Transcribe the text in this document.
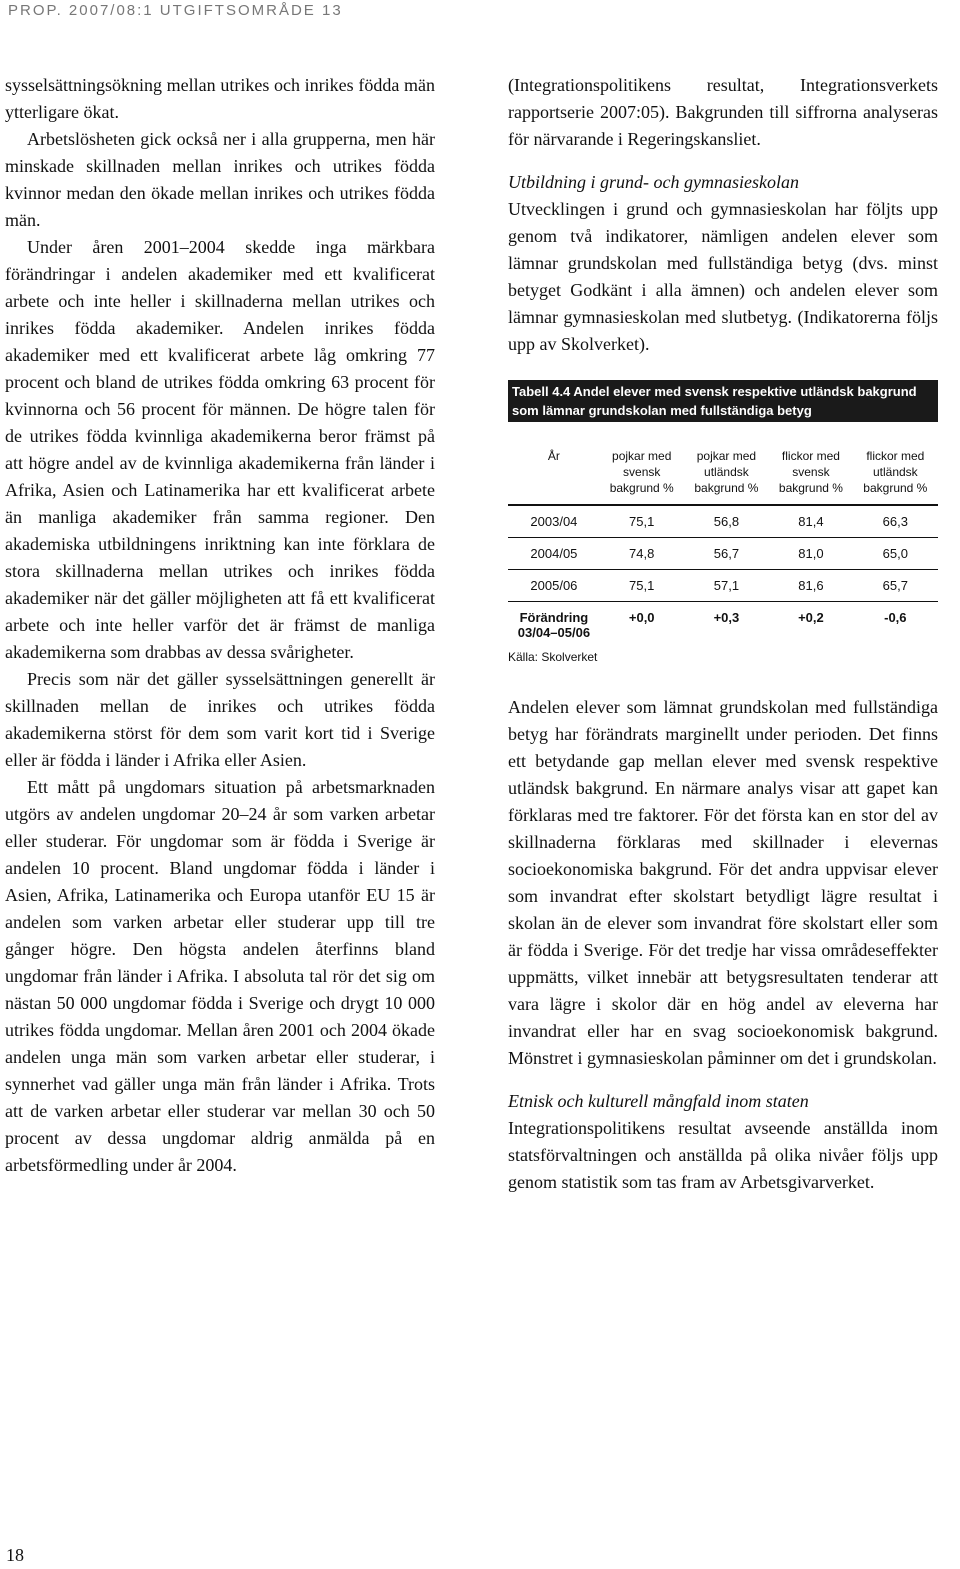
PROP. 2007/08:1 UTGIFTSOMRÅDE 13

sysselsättningsökning mellan utrikes och inrikes födda män ytterligare ökat.

Arbetslösheten gick också ner i alla grupperna, men här minskade skillnaden mellan inrikes och utrikes födda kvinnor medan den ökade mellan inrikes och utrikes födda män.

Under åren 2001–2004 skedde inga märkbara förändringar i andelen akademiker med ett kvalificerat arbete och inte heller i skillnaderna mellan utrikes och inrikes födda akademiker. Andelen inrikes födda akademiker med ett kvalificerat arbete låg omkring 77 procent och bland de utrikes födda omkring 63 procent för kvinnorna och 56 procent för männen. De högre talen för de utrikes födda kvinnliga akademikerna beror främst på att högre andel av de kvinnliga akademikerna från länder i Afrika, Asien och Latinamerika har ett kvalificerat arbete än manliga akademiker från samma regioner. Den akademiska utbildningens inriktning kan inte förklara de stora skillnaderna mellan utrikes och inrikes födda akademiker när det gäller möjligheten att få ett kvalificerat arbete och inte heller varför det är främst de manliga akademikerna som drabbas av dessa svårigheter.

Precis som när det gäller sysselsättningen generellt är skillnaden mellan de inrikes och utrikes födda akademikerna störst för dem som varit kort tid i Sverige eller är födda i länder i Afrika eller Asien.

Ett mått på ungdomars situation på arbetsmarknaden utgörs av andelen ungdomar 20–24 år som varken arbetar eller studerar. För ungdomar som är födda i Sverige är andelen 10 procent. Bland ungdomar födda i länder i Asien, Afrika, Latinamerika och Europa utanför EU 15 är andelen som varken arbetar eller studerar upp till tre gånger högre. Den högsta andelen återfinns bland ungdomar från länder i Afrika. I absoluta tal rör det sig om nästan 50 000 ungdomar födda i Sverige och drygt 10 000 utrikes födda ungdomar. Mellan åren 2001 och 2004 ökade andelen unga män som varken arbetar eller studerar, i synnerhet vad gäller unga män från länder i Afrika. Trots att de varken arbetar eller studerar var mellan 30 och 50 procent av dessa ungdomar aldrig anmälda på en arbetsförmedling under år 2004.

(Integrationspolitikens resultat, Integrationsverkets rapportserie 2007:05). Bakgrunden till siffrorna analyseras för närvarande i Regeringskansliet.

Utbildning i grund- och gymnasieskolan

Utvecklingen i grund och gymnasieskolan har följts upp genom två indikatorer, nämligen andelen elever som lämnar grundskolan med fullständiga betyg (dvs. minst betyget Godkänt i alla ämnen) och andelen elever som lämnar gymnasieskolan med slutbetyg. (Indikatorerna följs upp av Skolverket).

Tabell 4.4 Andel elever med svensk respektive utländsk bakgrund som lämnar grundskolan med fullständiga betyg
År	pojkar med svensk bakgrund %	pojkar med utländsk bakgrund %	flickor med svensk bakgrund %	flickor med utländsk bakgrund %
2003/04	75,1	56,8	81,4	66,3
2004/05	74,8	56,7	81,0	65,0
2005/06	75,1	57,1	81,6	65,7
Förändring 03/04–05/06	+0,0	+0,3	+0,2	-0,6
Källa: Skolverket

Andelen elever som lämnat grundskolan med fullständiga betyg har förändrats marginellt under perioden. Det finns ett betydande gap mellan elever med svensk respektive utländsk bakgrund. En närmare analys visar att gapet kan förklaras med tre faktorer. För det första kan en stor del av skillnaderna förklaras med skillnader i elevernas socioekonomiska bakgrund. För det andra uppvisar elever som invandrat efter skolstart betydligt lägre resultat i skolan än de elever som invandrat före skolstart eller som är födda i Sverige. För det tredje har vissa områdeseffekter uppmätts, vilket innebär att betygsresultaten tenderar att vara lägre i skolor där en hög andel av eleverna har invandrat eller har en svag socioekonomisk bakgrund. Mönstret i gymnasieskolan påminner om det i grundskolan.

Etnisk och kulturell mångfald inom staten

Integrationspolitikens resultat avseende anställda inom statsförvaltningen och anställda på olika nivåer följs upp genom statistik som tas fram av Arbetsgivarverket.

18
